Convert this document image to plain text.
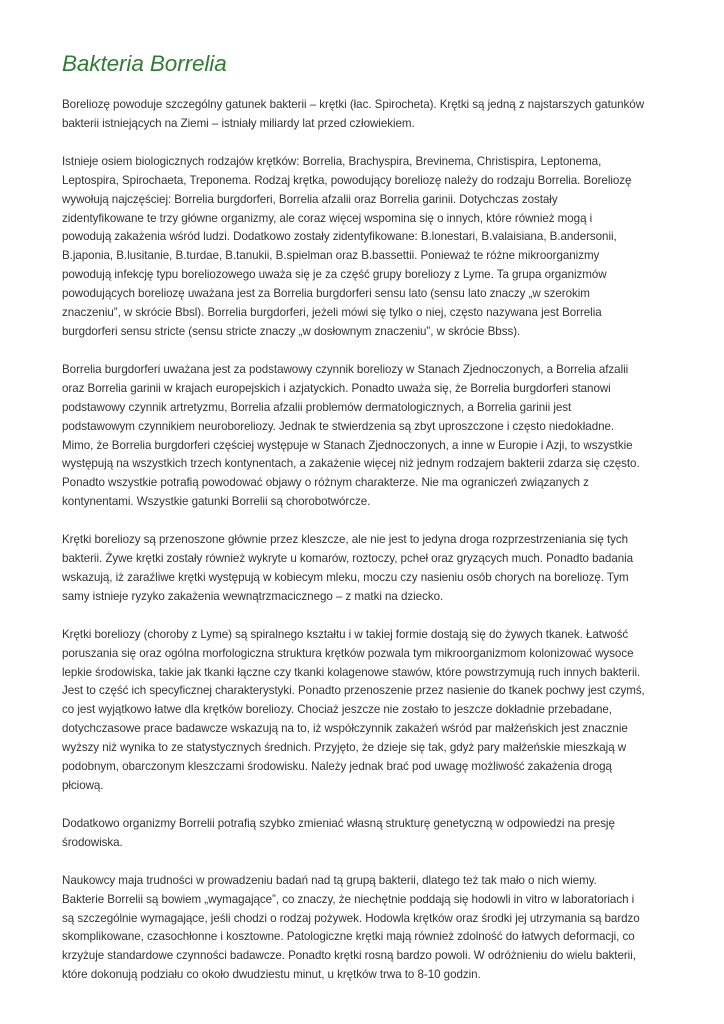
Bakteria Borrelia

Boreliozę powoduje szczególny gatunek bakterii – krętki (łac. Spirocheta). Krętki są jedną z najstarszych gatunków
bakterii istniejących na Ziemi – istniały miliardy lat przed człowiekiem.

Istnieje osiem biologicznych rodzajów krętków: Borrelia, Brachyspira, Brevinema, Christispira, Leptonema,
Leptospira, Spirochaeta, Treponema. Rodzaj krętka, powodujący boreliozę należy do rodzaju Borrelia. Boreliozę
wywołują najczęściej: Borrelia burgdorferi, Borrelia afzalii oraz Borrelia garinii. Dotychczas zostały
zidentyfikowane te trzy główne organizmy, ale coraz więcej wspomina się o innych, które również mogą i
powodują zakażenia wśród ludzi. Dodatkowo zostały zidentyfikowane: B.lonestari, B.valaisiana, B.andersonii,
B.japonia, B.lusitanie, B.turdae, B.tanukii, B.spielman oraz B.bassettii. Ponieważ te różne mikroorganizmy
powodują infekcję typu boreliozowego uważa się je za część grupy boreliozy z Lyme. Ta grupa organizmów
powodujących boreliozę uważana jest za Borrelia burgdorferi sensu lato (sensu lato znaczy „w szerokim
znaczeniu”, w skrócie Bbsl). Borrelia burgdorferi, jeżeli mówi się tylko o niej, często nazywana jest Borrelia
burgdorferi sensu stricte (sensu stricte znaczy „w dosłownym znaczeniu”, w skrócie Bbss).

Borrelia burgdorferi uważana jest za podstawowy czynnik boreliozy w Stanach Zjednoczonych, a Borrelia afzalii
oraz Borrelia garinii w krajach europejskich i azjatyckich. Ponadto uważa się, że Borrelia burgdorferi stanowi
podstawowy czynnik artretyzmu, Borrelia afzalii problemów dermatologicznych, a Borrelia garinii jest
podstawowym czynnikiem neuroboreliozy. Jednak te stwierdzenia są zbyt uproszczone i często niedokładne.
Mimo, że Borrelia burgdorferi częściej występuje w Stanach Zjednoczonych, a inne w Europie i Azji, to wszystkie
występują na wszystkich trzech kontynentach, a zakażenie więcej niż jednym rodzajem bakterii zdarza się często.
Ponadto wszystkie potrafią powodować objawy o różnym charakterze. Nie ma ograniczeń związanych z
kontynentami. Wszystkie gatunki Borrelii są chorobotwórcze.

Krętki boreliozy są przenoszone głównie przez kleszcze, ale nie jest to jedyna droga rozprzestrzeniania się tych
bakterii. Żywe krętki zostały również wykryte u komarów, roztoczy, pcheł oraz gryzących much. Ponadto badania
wskazują, iż zaraźliwe krętki występują w kobiecym mleku, moczu czy nasieniu osób chorych na boreliozę. Tym
samy istnieje ryzyko zakażenia wewnątrzmacicznego – z matki na dziecko.

Krętki boreliozy (choroby z Lyme) są spiralnego kształtu i w takiej formie dostają się do żywych tkanek. Łatwość
poruszania się oraz ogólna morfologiczna struktura krętków pozwala tym mikroorganizmom kolonizować wysoce
lepkie środowiska, takie jak tkanki łączne czy tkanki kolagenowe stawów, które powstrzymują ruch innych bakterii.
Jest to część ich specyficznej charakterystyki. Ponadto przenoszenie przez nasienie do tkanek pochwy jest czymś,
co jest wyjątkowo łatwe dla krętków boreliozy. Chociaż jeszcze nie zostało to jeszcze dokładnie przebadane,
dotychczasowe prace badawcze wskazują na to, iż współczynnik zakażeń wśród par małżeńskich jest znacznie
wyższy niż wynika to ze statystycznych średnich. Przyjęto, że dzieje się tak, gdyż pary małżeńskie mieszkają w
podobnym, obarczonym kleszczami środowisku. Należy jednak brać pod uwagę możliwość zakażenia drogą
płciową.

Dodatkowo organizmy Borrelii potrafią szybko zmieniać własną strukturę genetyczną w odpowiedzi na presję
środowiska.

Naukowcy maja trudności w prowadzeniu badań nad tą grupą bakterii, dlatego też tak mało o nich wiemy.
Bakterie Borrelii są bowiem „wymagające”, co znaczy, że niechętnie poddają się hodowli in vitro w laboratoriach i
są szczególnie wymagające, jeśli chodzi o rodzaj pożywek. Hodowla krętków oraz środki jej utrzymania są bardzo
skomplikowane, czasochłonne i kosztowne. Patologiczne krętki mają również zdolność do łatwych deformacji, co
krzyżuje standardowe czynności badawcze. Ponadto krętki rosną bardzo powoli. W odróżnieniu do wielu bakterii,
które dokonują podziału co około dwudziestu minut, u krętków trwa to 8-10 godzin.
